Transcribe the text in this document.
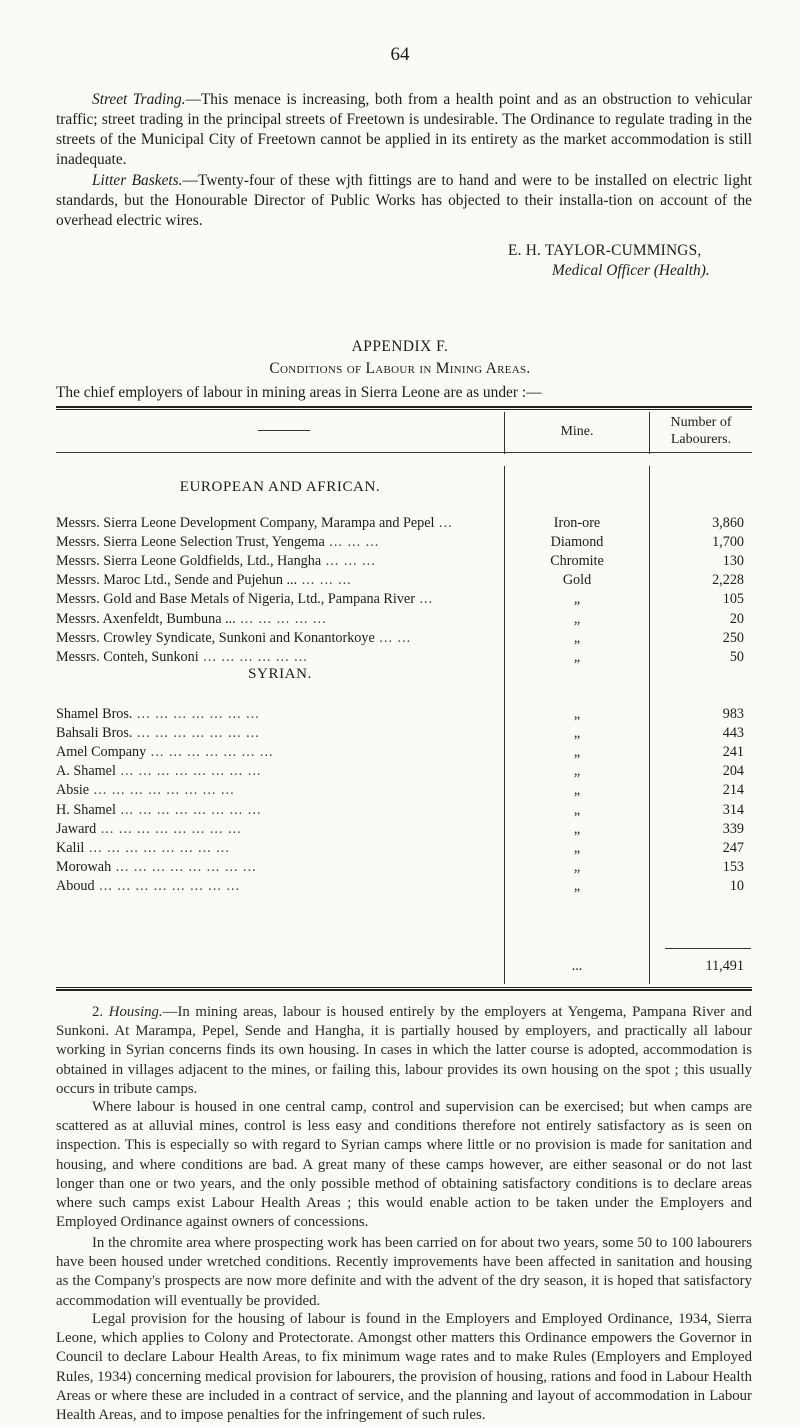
64
Street Trading.—This menace is increasing, both from a health point and as an obstruction to vehicular traffic; street trading in the principal streets of Freetown is undesirable. The Ordinance to regulate trading in the streets of the Municipal City of Freetown cannot be applied in its entirety as the market accommodation is still inadequate.
Litter Baskets.—Twenty-four of these wjth fittings are to hand and were to be installed on electric light standards, but the Honourable Director of Public Works has objected to their installa-tion on account of the overhead electric wires.
E. H. TAYLOR-CUMMINGS,
Medical Officer (Health).
APPENDIX F.
Conditions of Labour in Mining Areas.
The chief employers of labour in mining areas in Sierra Leone are as under :—
Mine.
Number of Labourers.
EUROPEAN AND AFRICAN.
Messrs. Sierra Leone Development Company, Marampa and Pepel ...	Iron-ore	3,860
Messrs. Sierra Leone Selection Trust, Yengema ... ... ...	Diamond	1,700
Messrs. Sierra Leone Goldfields, Ltd., Hangha ... ... ...	Chromite	130
Messrs. Maroc Ltd., Sende and Pujehun ... ... ... ...	Gold	2,228
Messrs. Gold and Base Metals of Nigeria, Ltd., Pampana River ...	„	105
Messrs. Axenfeldt, Bumbuna ... ... ... ... ... ...	„	20
Messrs. Crowley Syndicate, Sunkoni and Konantorkoye ... ...	„	250
Messrs. Conteh, Sunkoni ... ... ... ... ... ...	„	50
SYRIAN.
Shamel Bros. ... ... ... ... ... ... ...	„	983
Bahsali Bros. ... ... ... ... ... ... ...	„	443
Amel Company ... ... ... ... ... ... ...	„	241
A. Shamel ... ... ... ... ... ... ... ...	„	204
Absie ... ... ... ... ... ... ... ...	„	214
H. Shamel ... ... ... ... ... ... ... ...	„	314
Jaward ... ... ... ... ... ... ... ...	„	339
Kalil ... ... ... ... ... ... ... ...	„	247
Morowah ... ... ... ... ... ... ... ...	„	153
Aboud ... ... ... ... ... ... ... ...	„	10
...	11,491
2. Housing.—In mining areas, labour is housed entirely by the employers at Yengema, Pampana River and Sunkoni. At Marampa, Pepel, Sende and Hangha, it is partially housed by employers, and practically all labour working in Syrian concerns finds its own housing. In cases in which the latter course is adopted, accommodation is obtained in villages adjacent to the mines, or failing this, labour provides its own housing on the spot ; this usually occurs in tribute camps.
Where labour is housed in one central camp, control and supervision can be exercised; but when camps are scattered as at alluvial mines, control is less easy and conditions therefore not entirely satisfactory as is seen on inspection. This is especially so with regard to Syrian camps where little or no provision is made for sanitation and housing, and where conditions are bad. A great many of these camps however, are either seasonal or do not last longer than one or two years, and the only possible method of obtaining satisfactory conditions is to declare areas where such camps exist Labour Health Areas ; this would enable action to be taken under the Employers and Employed Ordinance against owners of concessions.
In the chromite area where prospecting work has been carried on for about two years, some 50 to 100 labourers have been housed under wretched conditions. Recently improvements have been affected in sanitation and housing as the Company's prospects are now more definite and with the advent of the dry season, it is hoped that satisfactory accommodation will eventually be provided.
Legal provision for the housing of labour is found in the Employers and Employed Ordinance, 1934, Sierra Leone, which applies to Colony and Protectorate. Amongst other matters this Ordinance empowers the Governor in Council to declare Labour Health Areas, to fix minimum wage rates and to make Rules (Employers and Employed Rules, 1934) concerning medical provision for labourers, the provision of housing, rations and food in Labour Health Areas or where these are included in a contract of service, and the planning and layout of accommodation in Labour Health Areas, and to impose penalties for the infringement of such rules.
